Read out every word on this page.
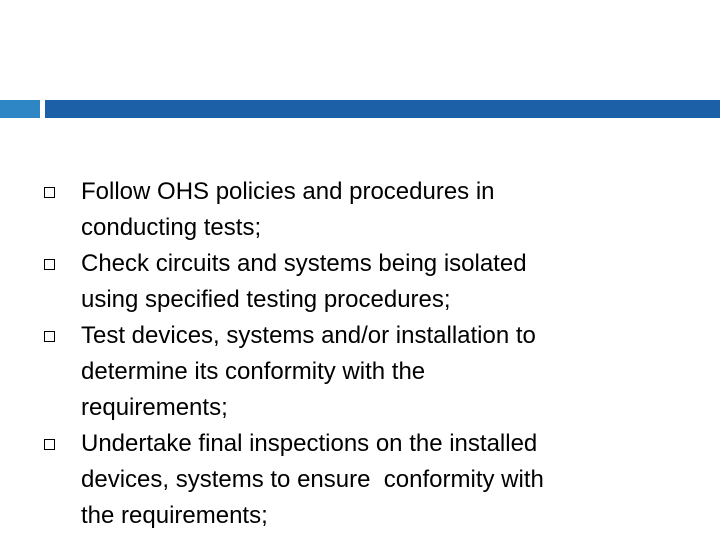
Follow OHS policies and procedures in
conducting tests;
Check circuits and systems being isolated
using specified testing procedures;
Test devices, systems and/or installation to
determine its conformity with the
requirements;
Undertake final inspections on the installed
devices, systems to ensure  conformity with
the requirements;
